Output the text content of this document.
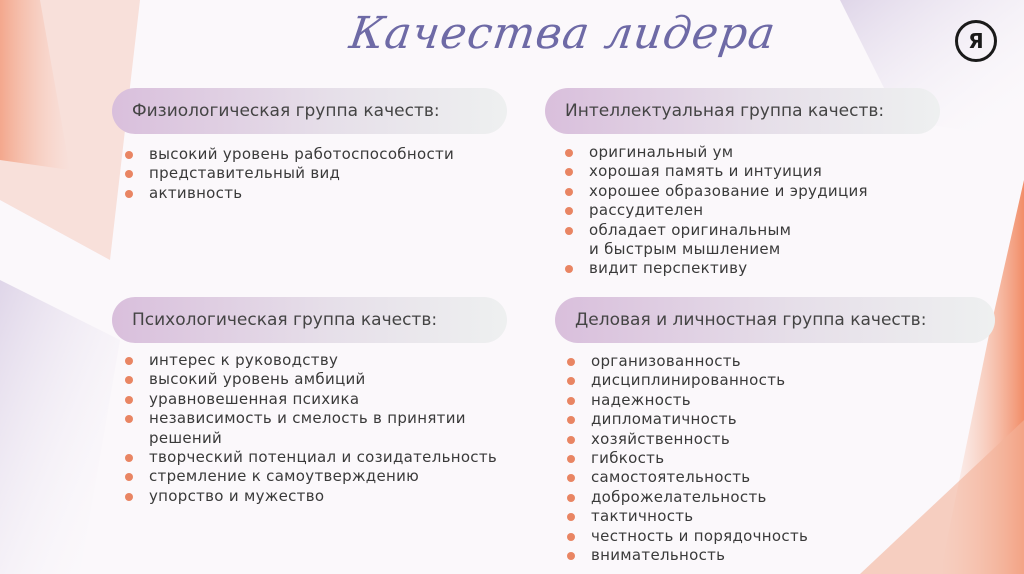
Качества лидера	Я
Физиологическая группа качеств:
высокий уровень работоспособности
представительный вид
активность
Интеллектуальная группа качеств:
оригинальный ум
хорошая память и интуиция
хорошее образование и эрудиция
рассудителен
обладает оригинальным
и быстрым мышлением
видит перспективу
Психологическая группа качеств:
интерес к руководству
высокий уровень амбиций
уравновешенная психика
независимость и смелость в принятии
решений
творческий потенциал и созидательность
стремление к самоутверждению
упорство и мужество
Деловая и личностная группа качеств:
организованность
дисциплинированность
надежность
дипломатичность
хозяйственность
гибкость
самостоятельность
доброжелательность
тактичность
честность и порядочность
внимательность
